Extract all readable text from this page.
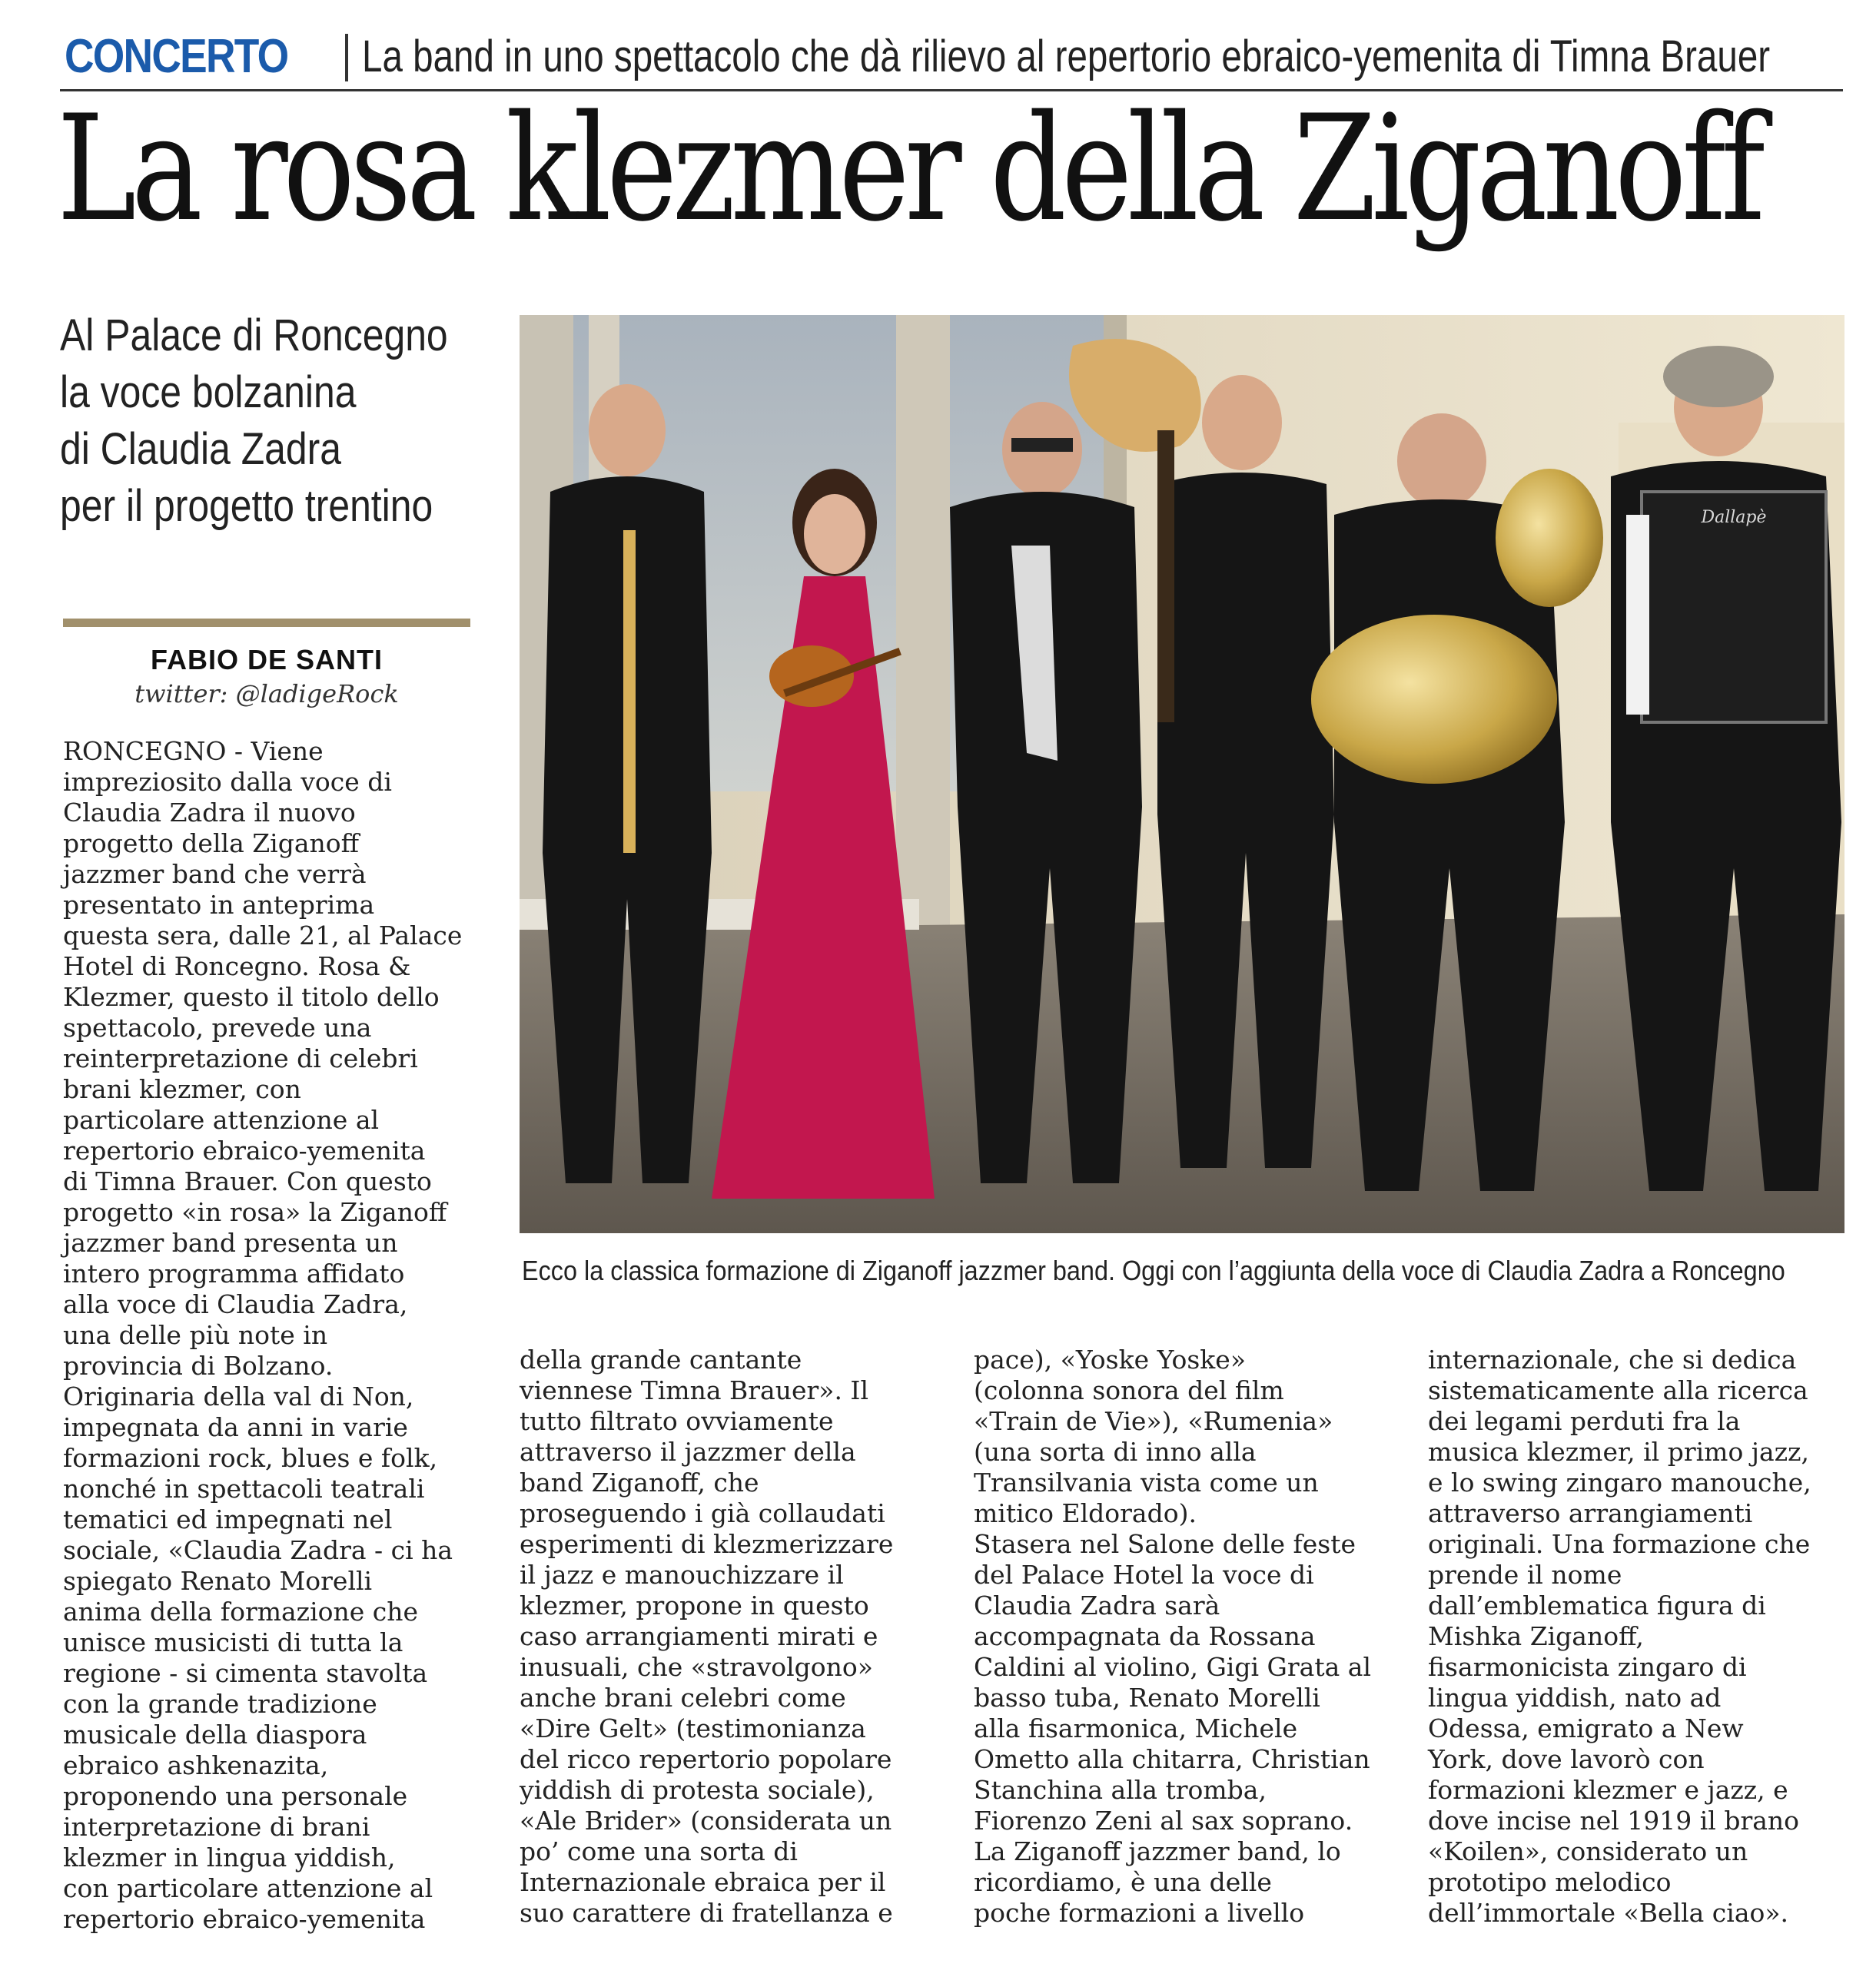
CONCERTO La band in uno spettacolo che dà rilievo al repertorio ebraico-yemenita di Timna Brauer
La rosa klezmer della Ziganoff
Al Palace di Roncegno
la voce bolzanina
di Claudia Zadra
per il progetto trentino
FABIO DE SANTI
twitter: @ladigeRock
RONCEGNO - Viene
impreziosito dalla voce di
Claudia Zadra il nuovo
progetto della Ziganoff
jazzmer band che verrà
presentato in anteprima
questa sera, dalle 21, al Palace
Hotel di Roncegno. Rosa &
Klezmer, questo il titolo dello
spettacolo, prevede una
reinterpretazione di celebri
brani klezmer, con
particolare attenzione al
repertorio ebraico-yemenita
di Timna Brauer. Con questo
progetto «in rosa» la Ziganoff
jazzmer band presenta un
intero programma affidato
alla voce di Claudia Zadra,
una delle più note in
provincia di Bolzano.
Originaria della val di Non,
impegnata da anni in varie
formazioni rock, blues e folk,
nonché in spettacoli teatrali
tematici ed impegnati nel
sociale, «Claudia Zadra - ci ha
spiegato Renato Morelli
anima della formazione che
unisce musicisti di tutta la
regione - si cimenta stavolta
con la grande tradizione
musicale della diaspora
ebraico ashkenazita,
proponendo una personale
interpretazione di brani
klezmer in lingua yiddish,
con particolare attenzione al
repertorio ebraico-yemenita
della grande cantante
viennese Timna Brauer». Il
tutto filtrato ovviamente
attraverso il jazzmer della
band Ziganoff, che
proseguendo i già collaudati
esperimenti di klezmerizzare
il jazz e manouchizzare il
klezmer, propone in questo
caso arrangiamenti mirati e
inusuali, che «stravolgono»
anche brani celebri come
«Dire Gelt» (testimonianza
del ricco repertorio popolare
yiddish di protesta sociale),
«Ale Brider» (considerata un
po’ come una sorta di
Internazionale ebraica per il
suo carattere di fratellanza e
pace), «Yoske Yoske»
(colonna sonora del film
«Train de Vie»), «Rumenia»
(una sorta di inno alla
Transilvania vista come un
mitico Eldorado).
Stasera nel Salone delle feste
del Palace Hotel la voce di
Claudia Zadra sarà
accompagnata da Rossana
Caldini al violino, Gigi Grata al
basso tuba, Renato Morelli
alla fisarmonica, Michele
Ometto alla chitarra, Christian
Stanchina alla tromba,
Fiorenzo Zeni al sax soprano.
La Ziganoff jazzmer band, lo
ricordiamo, è una delle
poche formazioni a livello
internazionale, che si dedica
sistematicamente alla ricerca
dei legami perduti fra la
musica klezmer, il primo jazz,
e lo swing zingaro manouche,
attraverso arrangiamenti
originali. Una formazione che
prende il nome
dall’emblematica figura di
Mishka Ziganoff,
fisarmonicista zingaro di
lingua yiddish, nato ad
Odessa, emigrato a New
York, dove lavorò con
formazioni klezmer e jazz, e
dove incise nel 1919 il brano
«Koilen», considerato un
prototipo melodico
dell’immortale «Bella ciao».
Dallapè
Ecco la classica formazione di Ziganoff jazzmer band. Oggi con l’aggiunta della voce di Claudia Zadra a Roncegno
